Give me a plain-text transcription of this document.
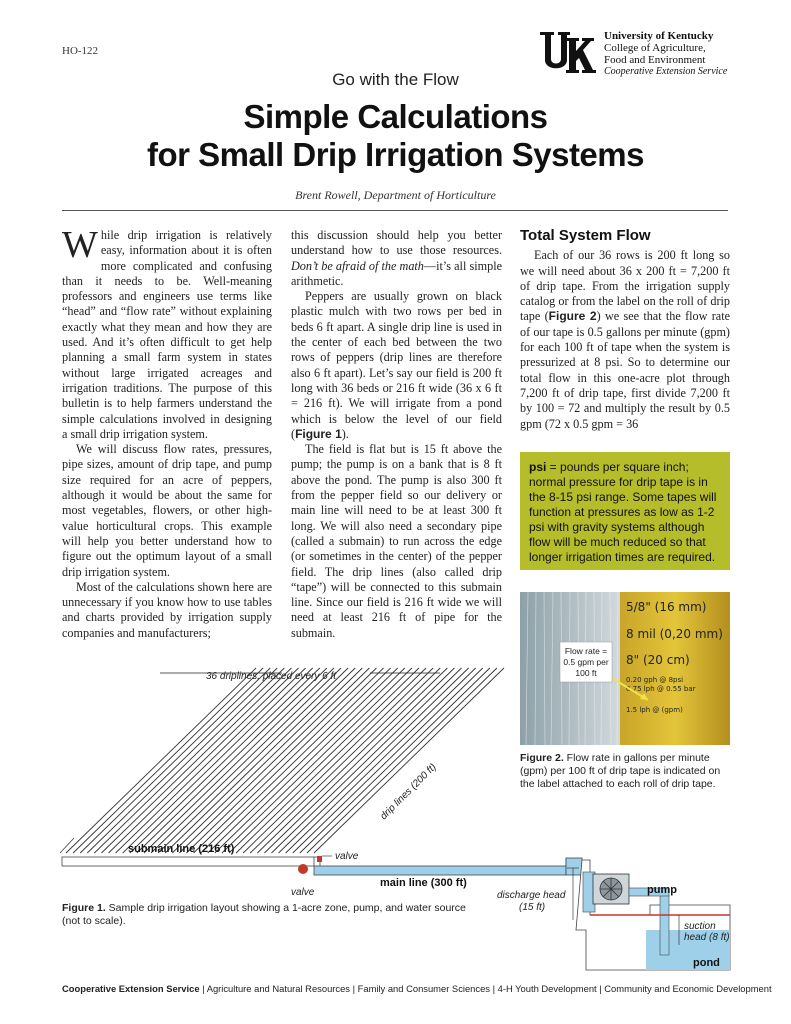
HO-122
University of Kentucky
College of Agriculture,
Food and Environment
Cooperative Extension Service
Go with the Flow
Simple Calculations
for Small Drip Irrigation Systems
Brent Rowell, Department of Horticulture

While drip irrigation is relatively easy, information about it is often more complicated and confusing than it needs to be. Well-meaning professors and engineers use terms like “head” and “flow rate” without explaining exactly what they mean and how they are used. And it’s often difficult to get help planning a small farm system in states without large irrigated acreages and irrigation traditions. The purpose of this bulletin is to help farmers understand the simple calculations involved in designing a small drip irrigation system.

We will discuss flow rates, pressures, pipe sizes, amount of drip tape, and pump size required for an acre of peppers, although it would be about the same for most vegetables, flowers, or other high-value horticultural crops. This example will help you better understand how to figure out the optimum layout of a small drip irrigation system.

Most of the calculations shown here are unnecessary if you know how to use tables and charts provided by irrigation supply companies and manufacturers;

this discussion should help you better understand how to use those resources. Don’t be afraid of the math—it’s all simple arithmetic.

Peppers are usually grown on black plastic mulch with two rows per bed in beds 6 ft apart. A single drip line is used in the center of each bed between the two rows of peppers (drip lines are therefore also 6 ft apart). Let’s say our field is 200 ft long with 36 beds or 216 ft wide (36 x 6 ft = 216 ft). We will irrigate from a pond which is below the level of our field (Figure 1).

The field is flat but is 15 ft above the pump; the pump is on a bank that is 8 ft above the pond. The pump is also 300 ft from the pepper field so our delivery or main line will need to be at least 300 ft long. We will also need a secondary pipe (called a submain) to run across the edge (or sometimes in the center) of the pepper field. The drip lines (also called drip “tape”) will be connected to this submain line. Since our field is 216 ft wide we will need at least 216 ft of pipe for the submain.

Total System Flow

Each of our 36 rows is 200 ft long so we will need about 36 x 200 ft = 7,200 ft of drip tape. From the irrigation supply catalog or from the label on the roll of drip tape (Figure 2) we see that the flow rate of our tape is 0.5 gallons per minute (gpm) for each 100 ft of tape when the system is pressurized at 8 psi. So to determine our total flow in this one-acre plot through 7,200 ft of drip tape, first divide 7,200 ft by 100 = 72 and multiply the result by 0.5 gpm (72 x 0.5 gpm = 36

psi = pounds per square inch; normal pressure for drip tape is in the 8-15 psi range. Some tapes will function at pressures as low as 1-2 psi with gravity systems although flow will be much reduced so that longer irrigation times are required.
5/8" (16 mm)
8 mil (0,20 mm)
8" (20 cm)
0.20 gph @ 8psi
0.75 lph @ 0.55 bar
1.5 lph @ (gpm)
Flow rate =
0.5 gpm per
100 ft
Figure 2. Flow rate in gallons per minute (gpm) per 100 ft of drip tape is indicated on the label attached to each roll of drip tape.
36 driplines, placed every 6 ft
drip lines (200 ft)
submain line (216 ft)
valve
valve
main line (300 ft)
discharge head
(15 ft)
pond
pump
suction
head (8 ft)
Figure 1. Sample drip irrigation layout showing a 1-acre zone, pump, and water source (not to scale).
Cooperative Extension Service | Agriculture and Natural Resources | Family and Consumer Sciences | 4-H Youth Development | Community and Economic Development
